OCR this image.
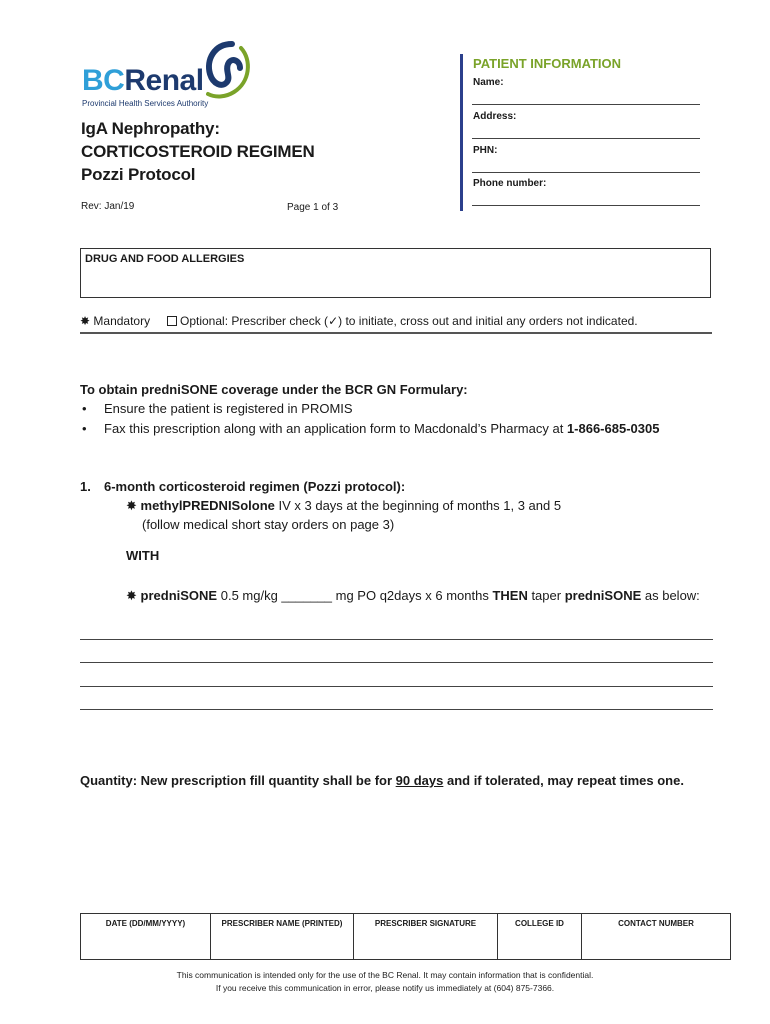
BCRenal
Provincial Health Services Authority
IgA Nephropathy:
CORTICOSTEROID REGIMEN
Pozzi Protocol
Rev: Jan/19	Page 1 of 3
PATIENT INFORMATION
Name:
Address:
PHN:
Phone number:
DRUG AND FOOD ALLERGIES
✸ Mandatory	Optional: Prescriber check (✓) to initiate, cross out and initial any orders not indicated.
To obtain predniSONE coverage under the BCR GN Formulary:
• Ensure the patient is registered in PROMIS
• Fax this prescription along with an application form to Macdonald’s Pharmacy at 1-866-685-0305
1. 6-month corticosteroid regimen (Pozzi protocol):
✸ methylPREDNISolone IV x 3 days at the beginning of months 1, 3 and 5
(follow medical short stay orders on page 3)
WITH
✸ predniSONE 0.5 mg/kg _______ mg PO q2days x 6 months THEN taper predniSONE as below:
Quantity: New prescription fill quantity shall be for 90 days and if tolerated, may repeat times one.
DATE (DD/MM/YYYY)	PRESCRIBER NAME (PRINTED)	PRESCRIBER SIGNATURE	COLLEGE ID	CONTACT NUMBER
This communication is intended only for the use of the BC Renal. It may contain information that is confidential.
If you receive this communication in error, please notify us immediately at (604) 875-7366.
